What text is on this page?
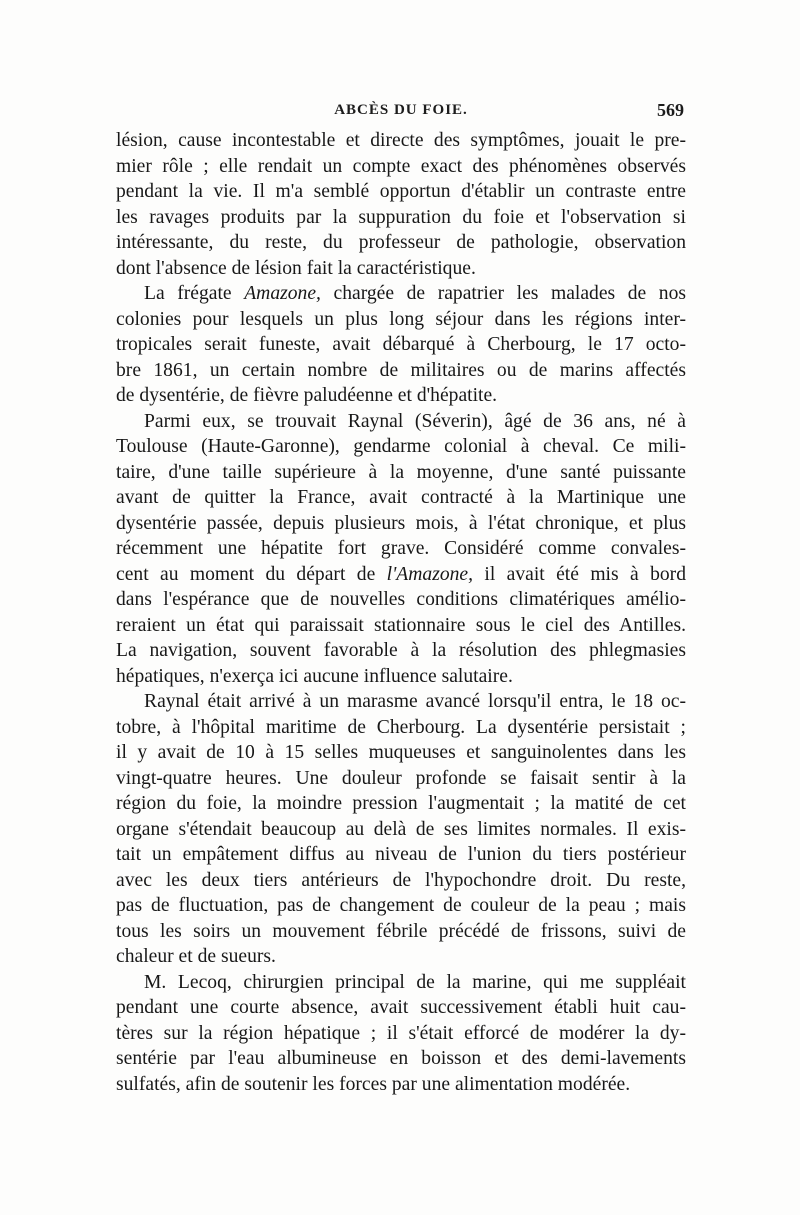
ABCÈS DU FOIE.	569
lésion, cause incontestable et directe des symptômes, jouait le pre-
mier rôle ; elle rendait un compte exact des phénomènes observés
pendant la vie. Il m'a semblé opportun d'établir un contraste entre
les ravages produits par la suppuration du foie et l'observation si
intéressante, du reste, du professeur de pathologie, observation
dont l'absence de lésion fait la caractéristique.
La frégate Amazone, chargée de rapatrier les malades de nos
colonies pour lesquels un plus long séjour dans les régions inter-
tropicales serait funeste, avait débarqué à Cherbourg, le 17 octo-
bre 1861, un certain nombre de militaires ou de marins affectés
de dysentérie, de fièvre paludéenne et d'hépatite.
Parmi eux, se trouvait Raynal (Séverin), âgé de 36 ans, né à
Toulouse (Haute-Garonne), gendarme colonial à cheval. Ce mili-
taire, d'une taille supérieure à la moyenne, d'une santé puissante
avant de quitter la France, avait contracté à la Martinique une
dysentérie passée, depuis plusieurs mois, à l'état chronique, et plus
récemment une hépatite fort grave. Considéré comme convales-
cent au moment du départ de l'Amazone, il avait été mis à bord
dans l'espérance que de nouvelles conditions climatériques amélio-
reraient un état qui paraissait stationnaire sous le ciel des Antilles.
La navigation, souvent favorable à la résolution des phlegmasies
hépatiques, n'exerça ici aucune influence salutaire.
Raynal était arrivé à un marasme avancé lorsqu'il entra, le 18 oc-
tobre, à l'hôpital maritime de Cherbourg. La dysentérie persistait ;
il y avait de 10 à 15 selles muqueuses et sanguinolentes dans les
vingt-quatre heures. Une douleur profonde se faisait sentir à la
région du foie, la moindre pression l'augmentait ; la matité de cet
organe s'étendait beaucoup au delà de ses limites normales. Il exis-
tait un empâtement diffus au niveau de l'union du tiers postérieur
avec les deux tiers antérieurs de l'hypochondre droit. Du reste,
pas de fluctuation, pas de changement de couleur de la peau ; mais
tous les soirs un mouvement fébrile précédé de frissons, suivi de
chaleur et de sueurs.
M. Lecoq, chirurgien principal de la marine, qui me suppléait
pendant une courte absence, avait successivement établi huit cau-
tères sur la région hépatique ; il s'était efforcé de modérer la dy-
sentérie par l'eau albumineuse en boisson et des demi-lavements
sulfatés, afin de soutenir les forces par une alimentation modérée.
